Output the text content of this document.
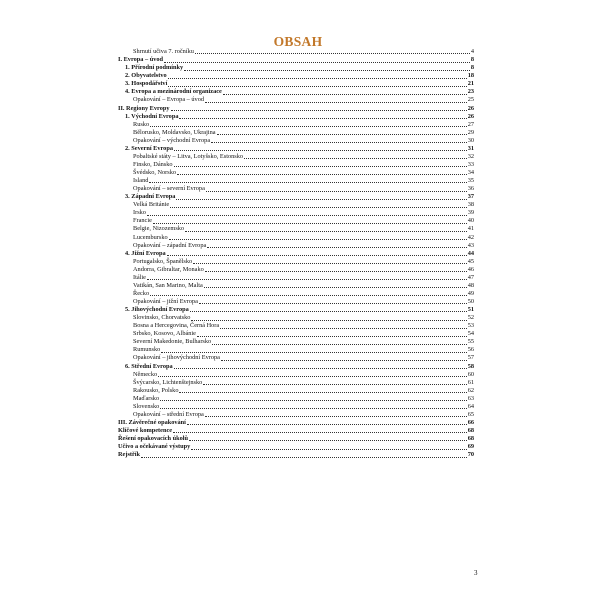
OBSAH
Shrnutí učiva 7. ročníku	4
I. Evropa – úvod	8
1. Přírodní podmínky	8
2. Obyvatelstvo	18
3. Hospodářství	21
4. Evropa a mezinárodní organizace	23
Opakování – Evropa – úvod	25
II. Regiony Evropy	26
1. Východní Evropa	26
Rusko	27
Bělorusko, Moldavsko, Ukrajina	29
Opakování – východní Evropa	30
2. Severní Evropa	31
Pobaltské státy – Litva, Lotyšsko, Estonsko	32
Finsko, Dánsko	33
Švédsko, Norsko	34
Island	35
Opakování – severní Evropa	36
3. Západní Evropa	37
Velká Británie	38
Irsko	39
Francie	40
Belgie, Nizozemsko	41
Lucembursko	42
Opakování – západní Evropa	43
4. Jižní Evropa	44
Portugalsko, Španělsko	45
Andorra, Gibraltar, Monako	46
Itálie	47
Vatikán, San Marino, Malta	48
Řecko	49
Opakování – jižní Evropa	50
5. Jihovýchodní Evropa	51
Slovinsko, Chorvatsko	52
Bosna a Hercegovina, Černá Hora	53
Srbsko, Kosovo, Albánie	54
Severní Makedonie, Bulharsko	55
Rumunsko	56
Opakování – jihovýchodní Evropa	57
6. Střední Evropa	58
Německo	60
Švýcarsko, Lichtenštejnsko	61
Rakousko, Polsko	62
Maďarsko	63
Slovensko	64
Opakování – střední Evropa	65
III. Závěrečné opakování	66
Klíčové kompetence	68
Řešení opakovacích úkolů	68
Učivo a očekávané výstupy	69
Rejstřík	70
3
